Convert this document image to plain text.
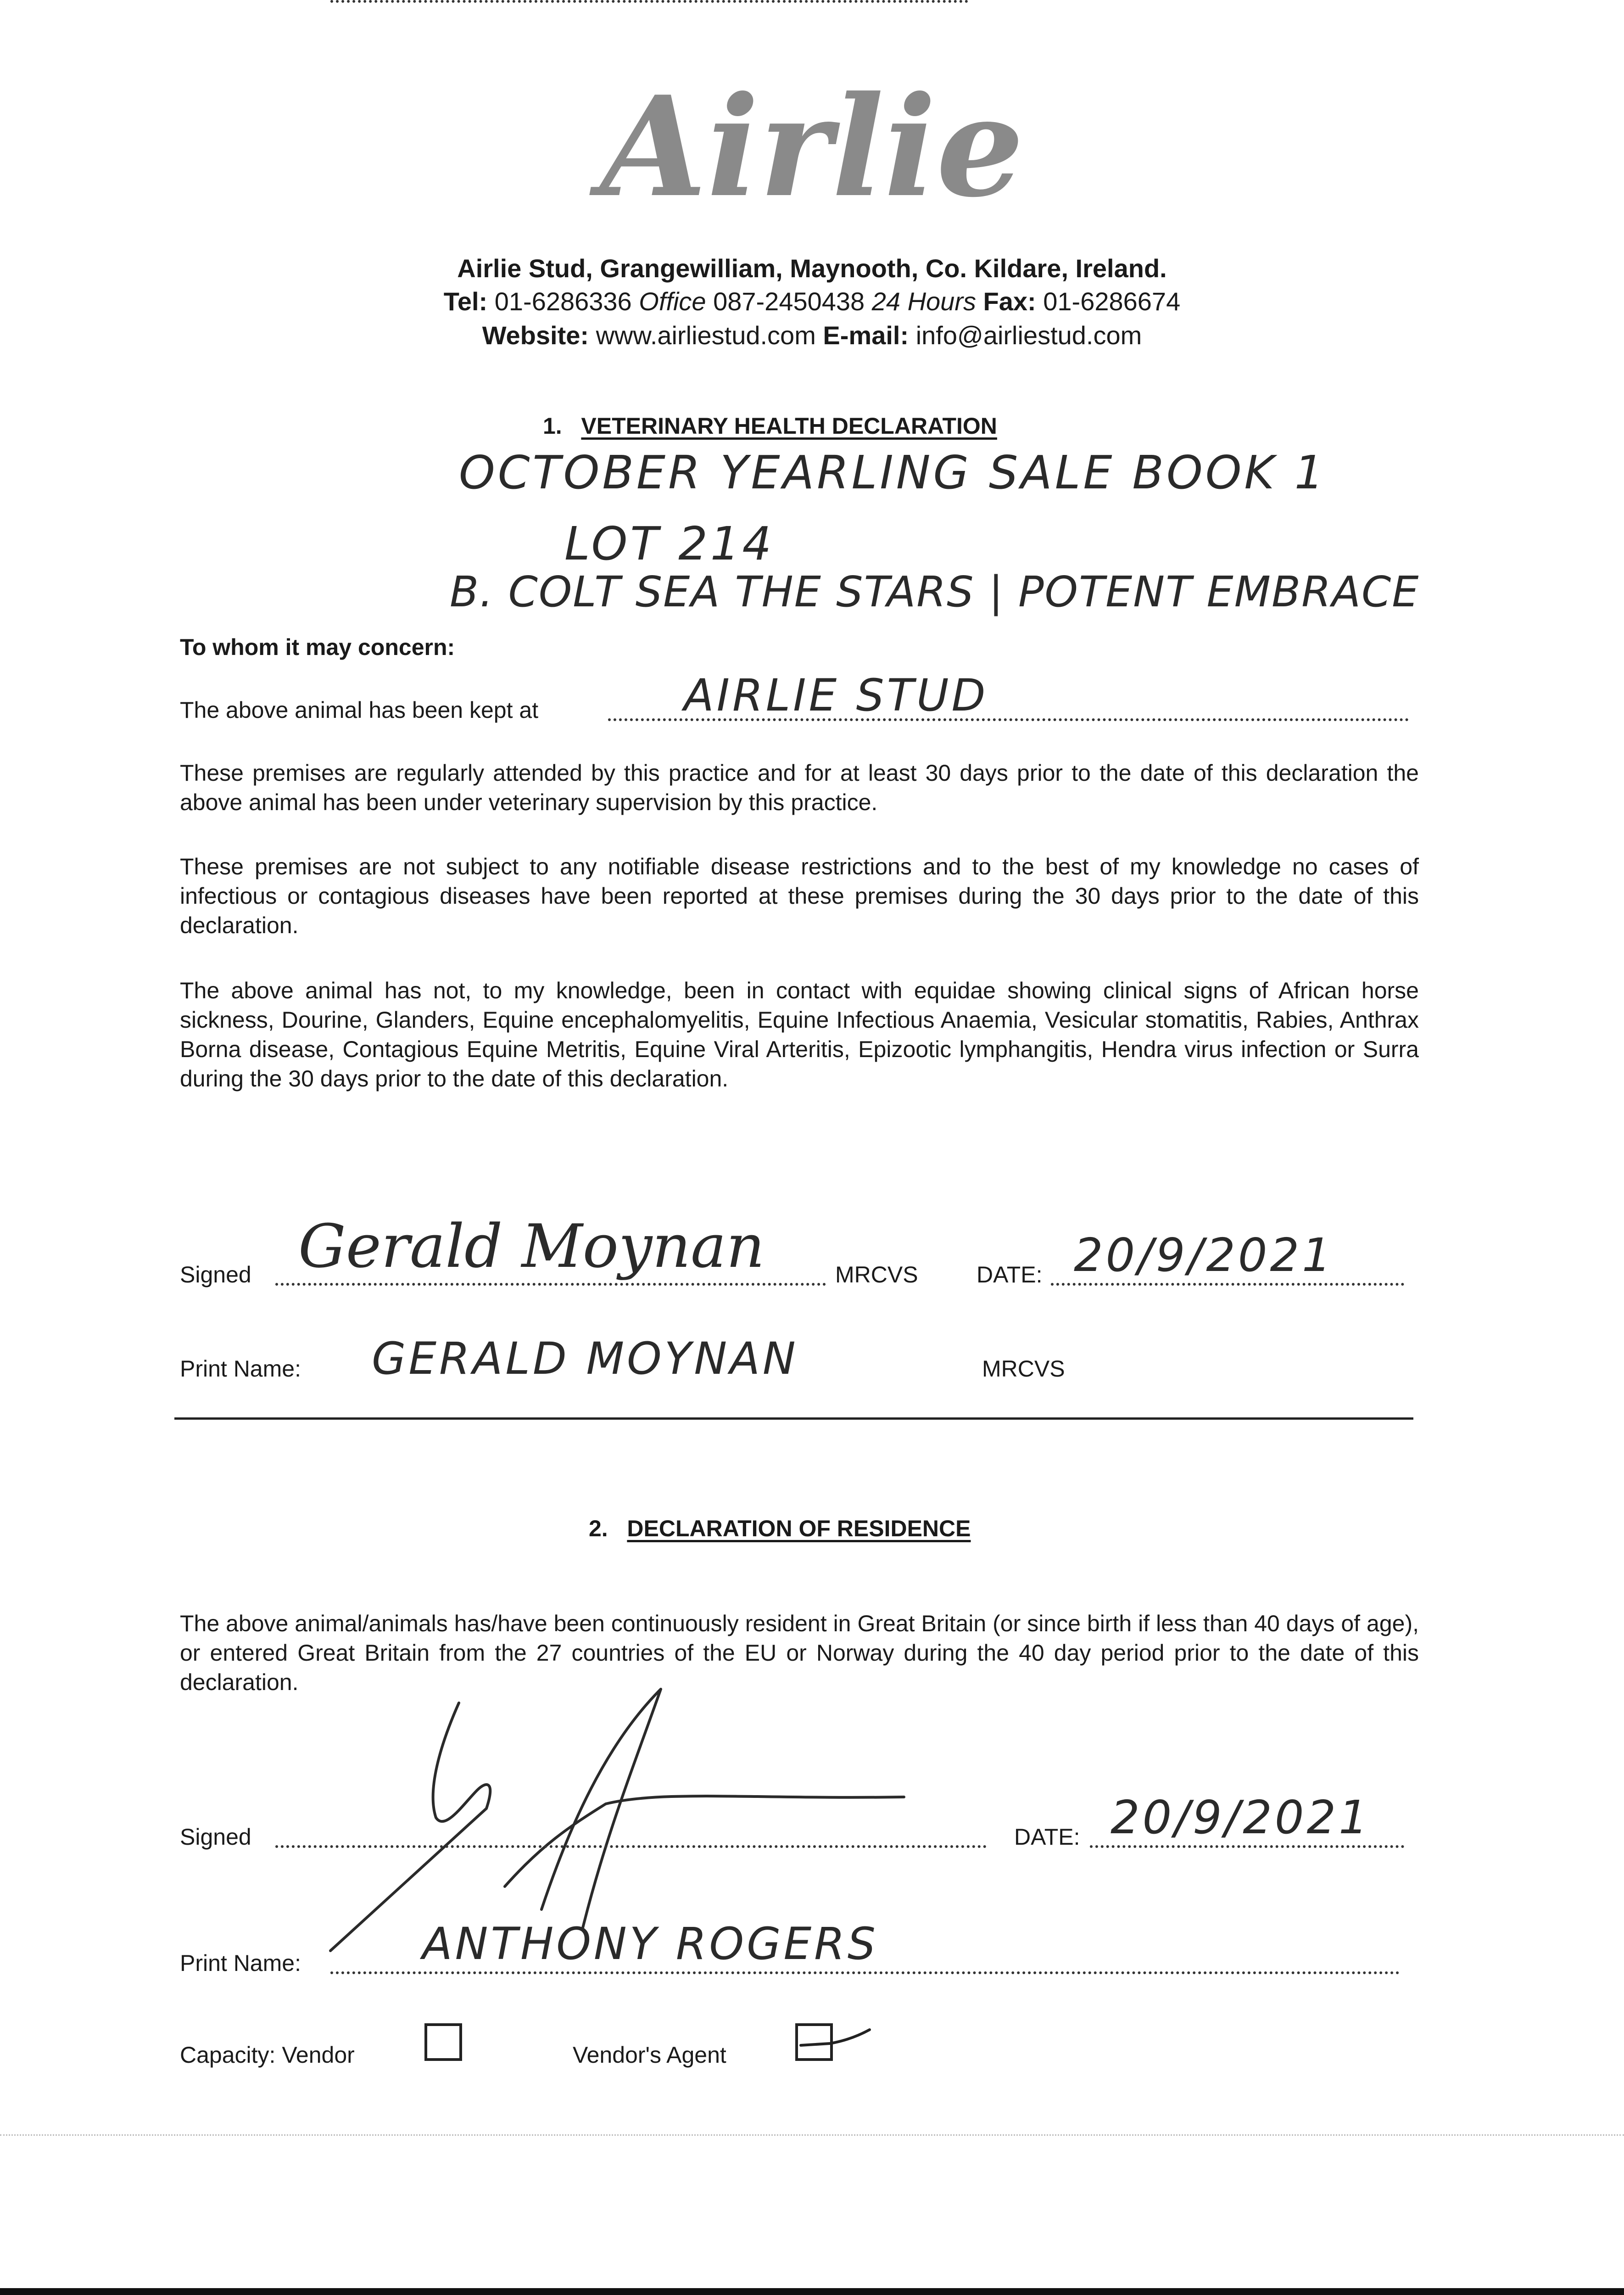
Airlie
Airlie Stud, Grangewilliam, Maynooth, Co. Kildare, Ireland.
Tel: 01-6286336 Office 087-2450438 24 Hours Fax: 01-6286674
Website: www.airliestud.com E-mail: info@airliestud.com
1. VETERINARY HEALTH DECLARATION
OCTOBER YEARLING SALE BOOK 1
LOT 214
B. COLT SEA THE STARS | POTENT EMBRACE
To whom it may concern:
The above animal has been kept at	AIRLIE STUD
These premises are regularly attended by this practice and for at least 30 days prior to the date of this declaration the above animal has been under veterinary supervision by this practice.
These premises are not subject to any notifiable disease restrictions and to the best of my knowledge no cases of infectious or contagious diseases have been reported at these premises during the 30 days prior to the date of this declaration.
The above animal has not, to my knowledge, been in contact with equidae showing clinical signs of African horse sickness, Dourine, Glanders, Equine encephalomyelitis, Equine Infectious Anaemia, Vesicular stomatitis, Rabies, Anthrax Borna disease, Contagious Equine Metritis, Equine Viral Arteritis, Epizootic lymphangitis, Hendra virus infection or Surra during the 30 days prior to the date of this declaration.
Signed Gerald Moynan	MRCVS	DATE: 20/9/2021
Print Name: GERALD MOYNAN	MRCVS
2. DECLARATION OF RESIDENCE
The above animal/animals has/have been continuously resident in Great Britain (or since birth if less than 40 days of age), or entered Great Britain from the 27 countries of the EU or Norway during the 40 day period prior to the date of this declaration.
Signed	DATE: 20/9/2021
Print Name:	ANTHONY ROGERS
Capacity: Vendor	Vendor's Agent
